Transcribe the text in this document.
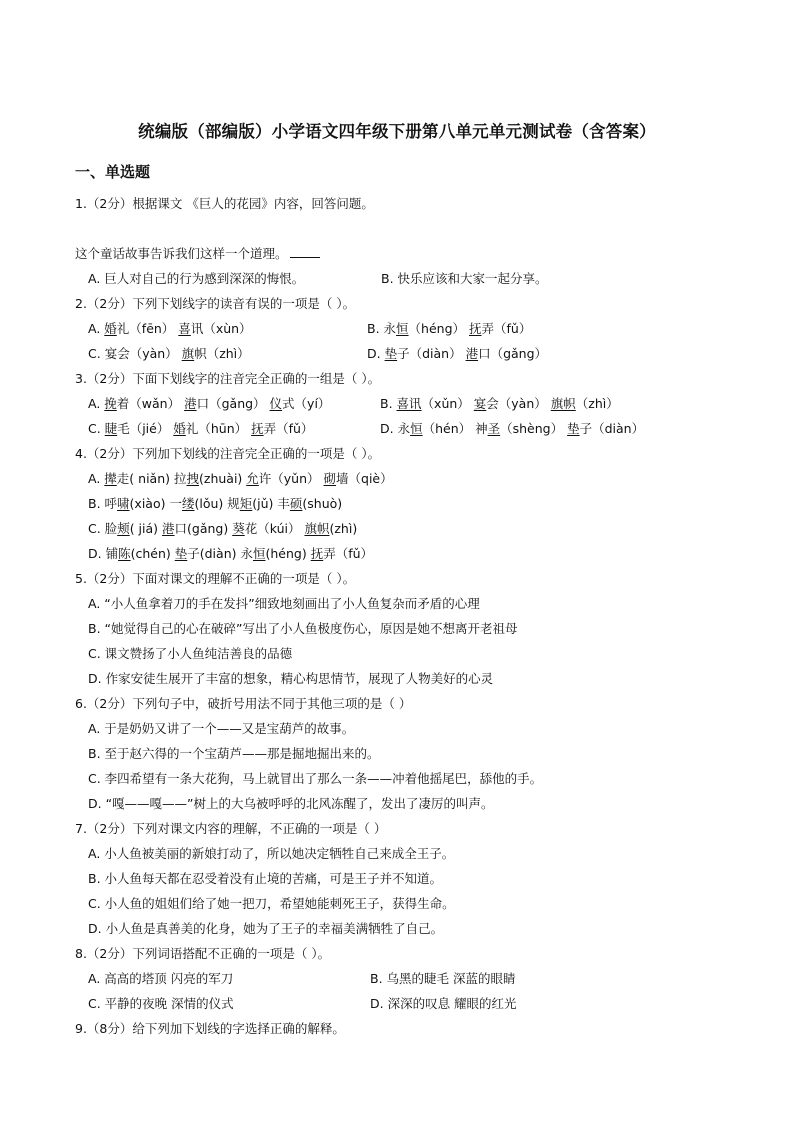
统编版（部编版）小学语文四年级下册第八单元单元测试卷（含答案）
一、单选题
1.（2分）根据课文 《巨人的花园》内容，回答问题。
这个童话故事告诉我们这样一个道理。
A. 巨人对自己的行为感到深深的悔恨。	B. 快乐应该和大家一起分享。
2.（2分）下列下划线字的读音有误的一项是（ ）。
A. 婚礼（fēn） 喜讯（xùn）	B. 永恒（héng） 抚弄（fǔ）
C. 宴会（yàn） 旗帜（zhì）	D. 垫子（diàn） 港口（gǎng）
3.（2分）下面下划线字的注音完全正确的一组是（ ）。
A. 挽着（wǎn） 港口（gǎng） 仪式（yí）	B. 喜讯（xǔn） 宴会（yàn） 旗帜（zhì）
C. 睫毛（jié） 婚礼（hūn） 抚弄（fǔ）	D. 永恒（hén） 神圣（shèng） 垫子（diàn）
4.（2分）下列加下划线的注音完全正确的一项是（ ）。
A. 撵走( niǎn) 拉拽(zhuài) 允许（yǔn） 砌墙（qiè）
B. 呼啸(xiào) 一缕(lǒu) 规矩(jǔ) 丰硕(shuò)
C. 脸颊( jiá) 港口(gǎng) 葵花（kúi） 旗帜(zhì)
D. 铺陈(chén) 垫子(diàn) 永恒(héng) 抚弄（fǔ）
5.（2分）下面对课文的理解不正确的一项是（ ）。
A. “小人鱼拿着刀的手在发抖”细致地刻画出了小人鱼复杂而矛盾的心理
B. “她觉得自己的心在破碎”写出了小人鱼极度伤心，原因是她不想离开老祖母
C. 课文赞扬了小人鱼纯洁善良的品德
D. 作家安徒生展开了丰富的想象，精心构思情节，展现了人物美好的心灵
6.（2分）下列句子中，破折号用法不同于其他三项的是（ ）
A. 于是奶奶又讲了一个——又是宝葫芦的故事。
B. 至于赵六得的一个宝葫芦——那是掘地掘出来的。
C. 李四希望有一条大花狗，马上就冒出了那么一条——冲着他摇尾巴，舔他的手。
D. “嘎——嘎——”树上的大乌被呼呼的北风冻醒了，发出了凄厉的叫声。
7.（2分）下列对课文内容的理解，不正确的一项是（ ）
A. 小人鱼被美丽的新娘打动了，所以她决定牺牲自己来成全王子。
B. 小人鱼每天都在忍受着没有止境的苦痛，可是王子并不知道。
C. 小人鱼的姐姐们给了她一把刀，希望她能刺死王子，获得生命。
D. 小人鱼是真善美的化身，她为了王子的幸福美满牺牲了自己。
8.（2分）下列词语搭配不正确的一项是（ ）。
A. 高高的塔顶 闪亮的军刀	B. 乌黑的睫毛 深蓝的眼睛
C. 平静的夜晚 深情的仪式	D. 深深的叹息 耀眼的红光
9.（8分）给下列加下划线的字选择正确的解释。
